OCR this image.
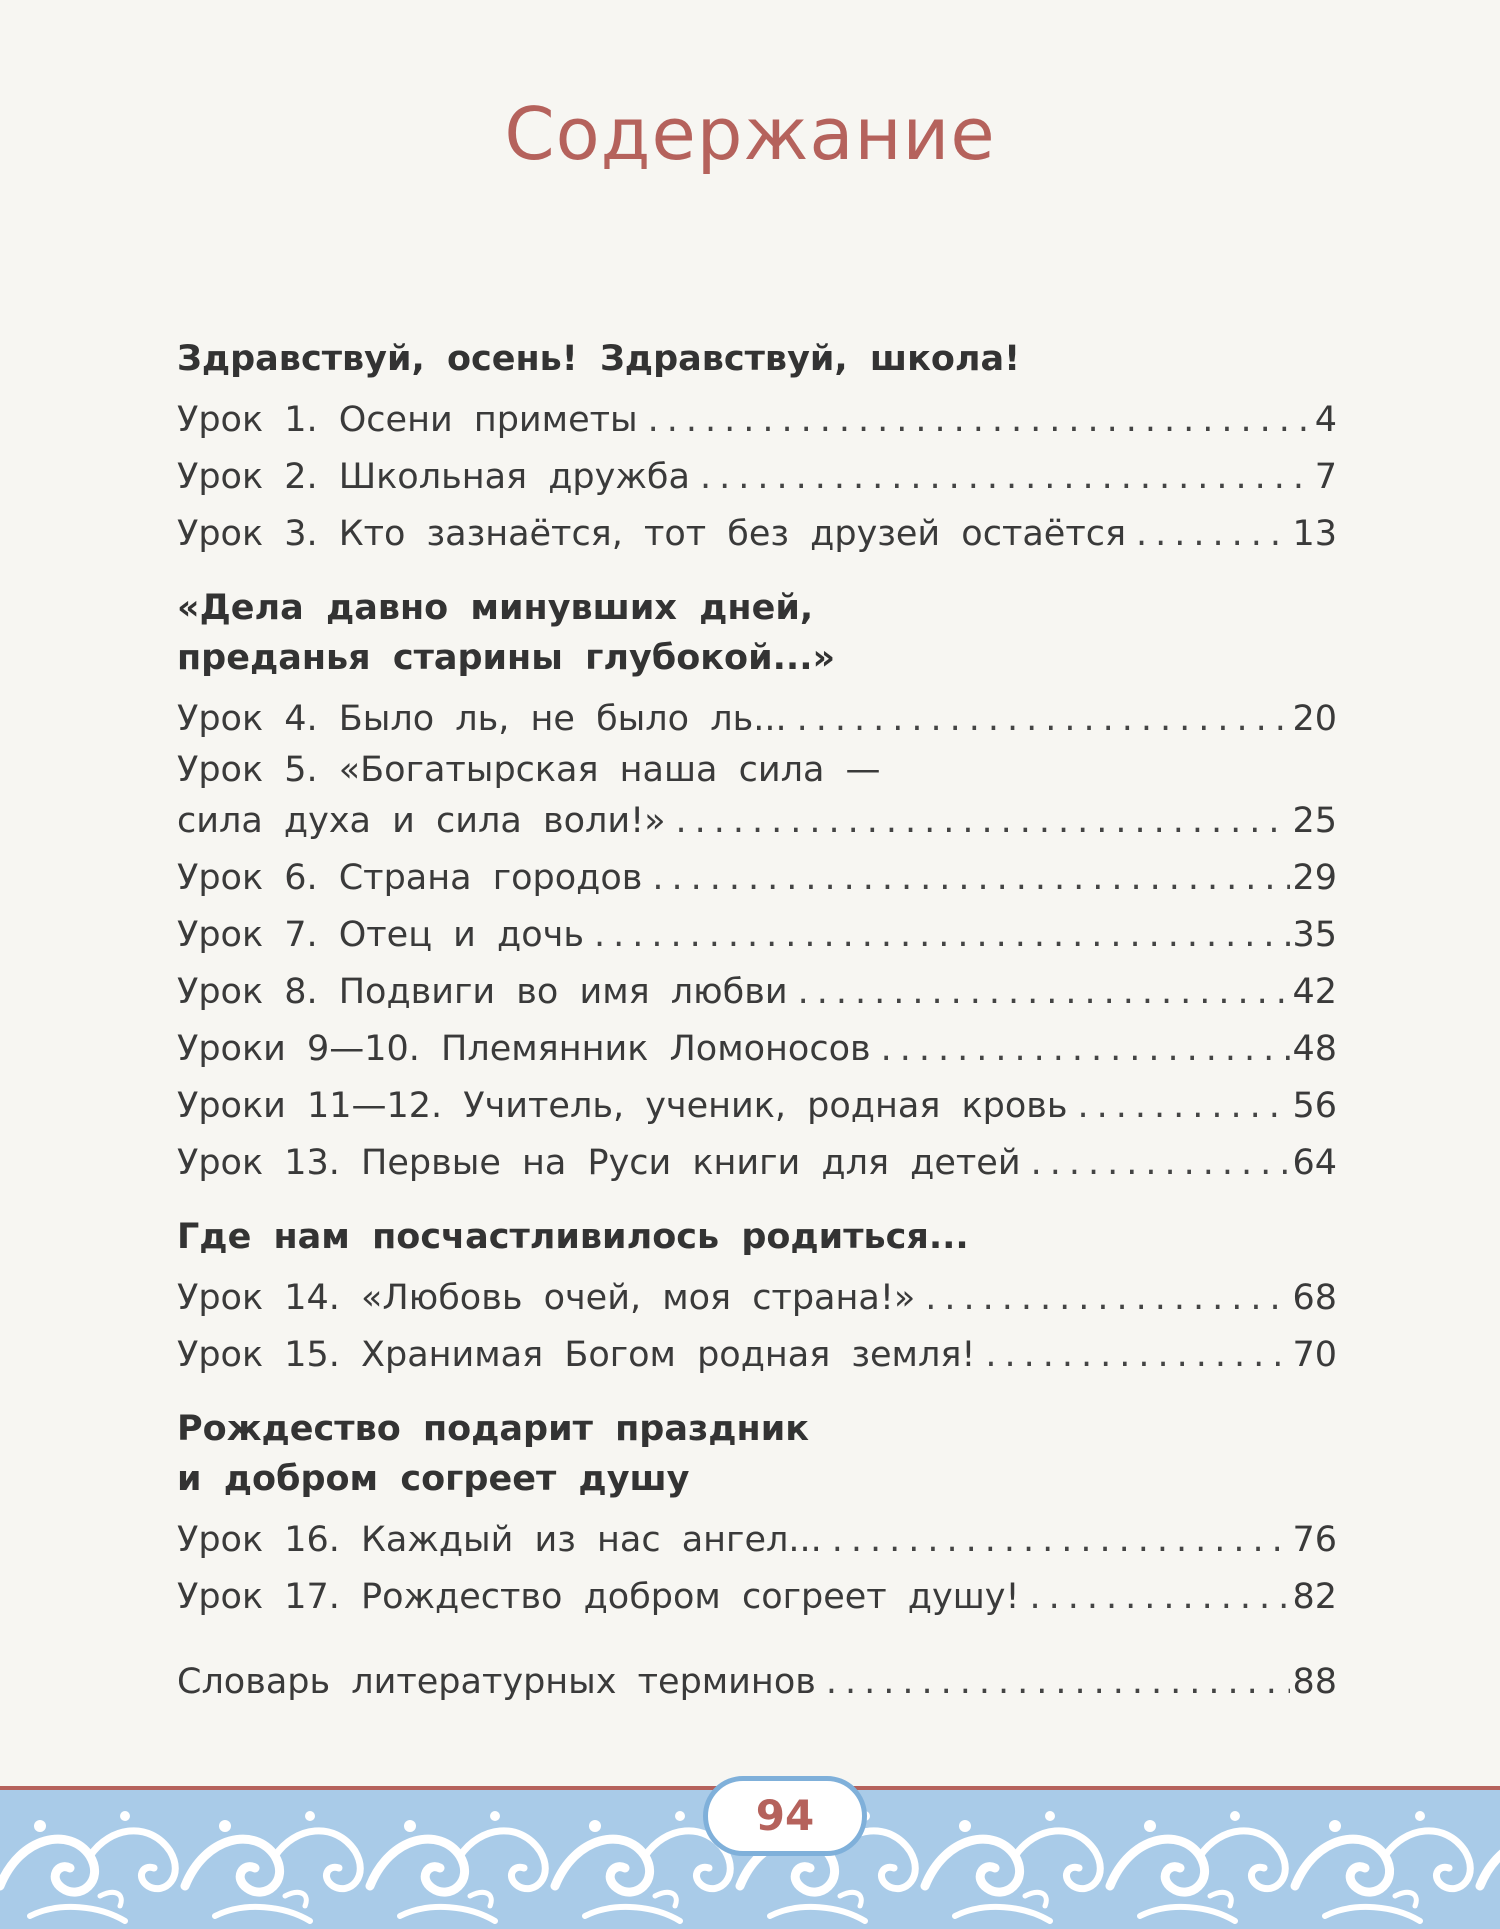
Содержание
Здравствуй, осень! Здравствуй, школа!
Урок 1. Осени приметы .....	4
Урок 2. Школьная дружба .....	7
Урок 3. Кто зазнаётся, тот без друзей остаётся .....	13
«Дела давно минувших дней,
преданья старины глубокой...»
Урок 4. Было ль, не было ль... .....	20
Урок 5. «Богатырская наша сила —
сила духа и сила воли!» .....	25
Урок 6. Страна городов .....	29
Урок 7. Отец и дочь .....	35
Урок 8. Подвиги во имя любви .....	42
Уроки 9—10. Племянник Ломоносов .....	48
Уроки 11—12. Учитель, ученик, родная кровь .....	56
Урок 13. Первые на Руси книги для детей .....	64
Где нам посчастливилось родиться...
Урок 14. «Любовь очей, моя страна!» .....	68
Урок 15. Хранимая Богом родная земля! .....	70
Рождество подарит праздник
и добром согреет душу
Урок 16. Каждый из нас ангел... .....	76
Урок 17. Рождество добром согреет душу! .....	82
Словарь литературных терминов .....	88
94
